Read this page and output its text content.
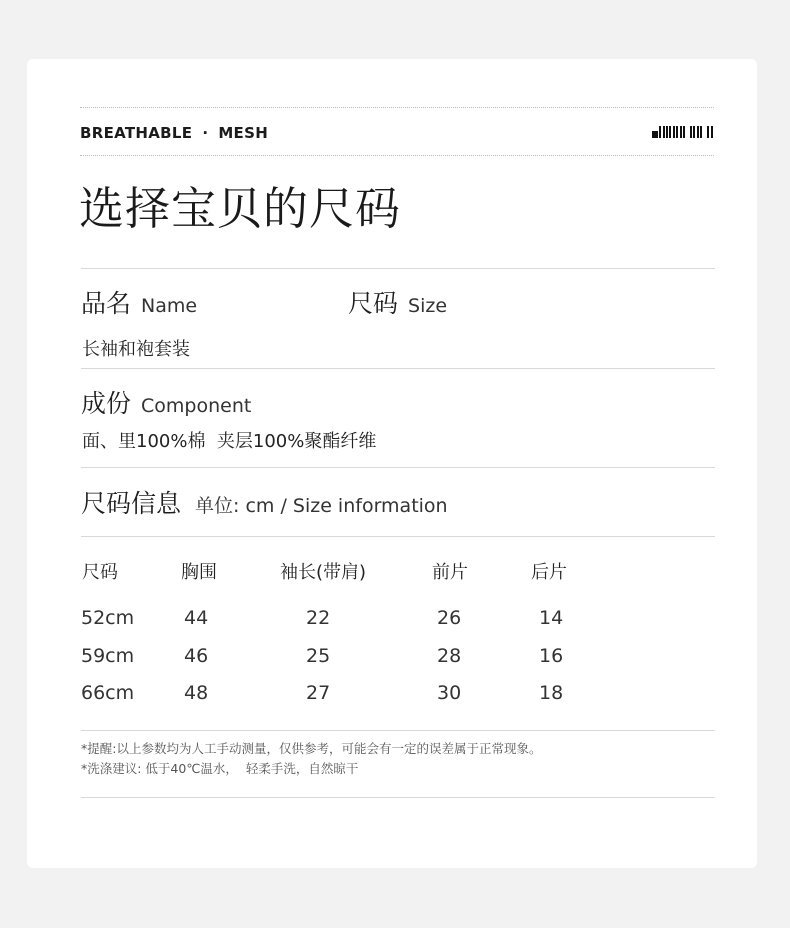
BREATHABLE · MESH
选择宝贝的尺码
品名 Name	尺码 Size
长袖和袍套装
成份 Component
面、里100%棉  夹层100%聚酯纤维
尺码信息 单位: cm / Size information
尺码	胸围	袖长(带肩)	前片	后片
52cm	44	22	26	14
59cm	46	25	28	16
66cm	48	27	30	18
*提醒:以上参数均为人工手动测量，仅供参考，可能会有一定的误差属于正常现象。
*洗涤建议: 低于40℃温水，  轻柔手洗，自然晾干
